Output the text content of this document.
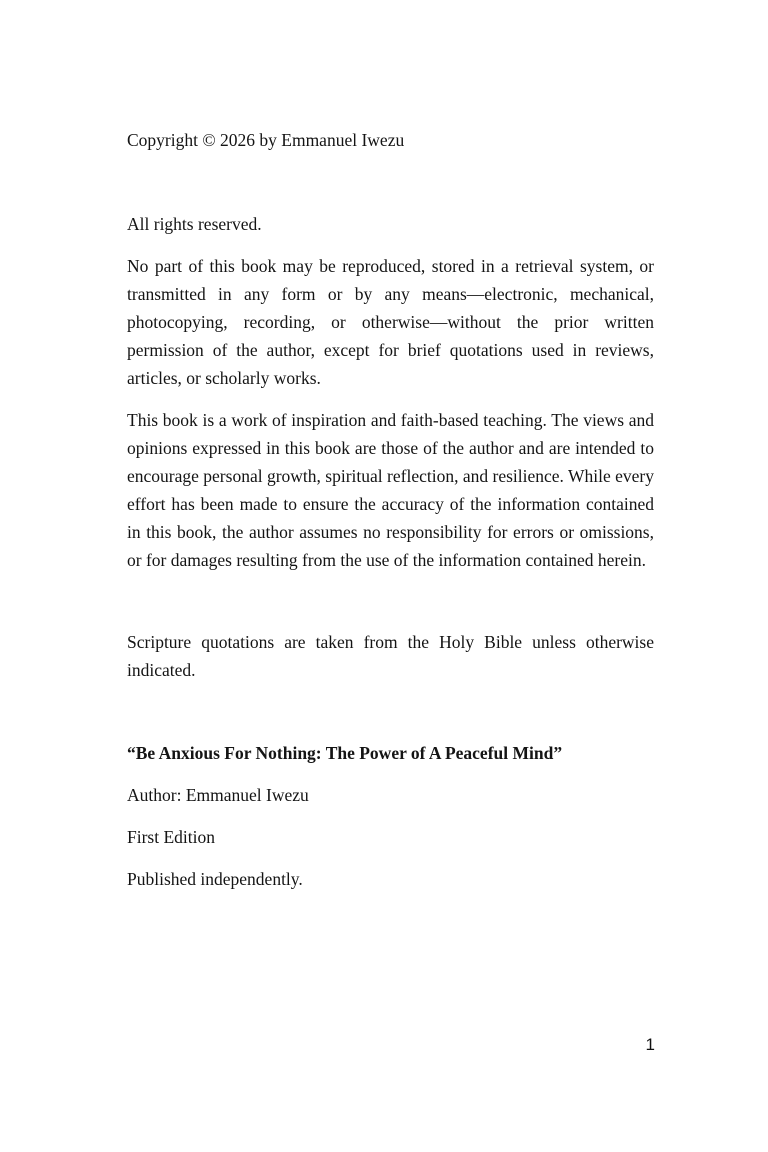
Copyright © 2026 by Emmanuel Iwezu

All rights reserved.

No part of this book may be reproduced, stored in a retrieval system, or transmitted in any form or by any means—electronic, mechanical, photocopying, recording, or otherwise—without the prior written permission of the author, except for brief quotations used in reviews, articles, or scholarly works.

This book is a work of inspiration and faith-based teaching. The views and opinions expressed in this book are those of the author and are intended to encourage personal growth, spiritual reflection, and resilience. While every effort has been made to ensure the accuracy of the information contained in this book, the author assumes no responsibility for errors or omissions, or for damages resulting from the use of the information contained herein.

Scripture quotations are taken from the Holy Bible unless otherwise indicated.

“Be Anxious For Nothing: The Power of A Peaceful Mind”

Author: Emmanuel Iwezu

First Edition

Published independently.

1
